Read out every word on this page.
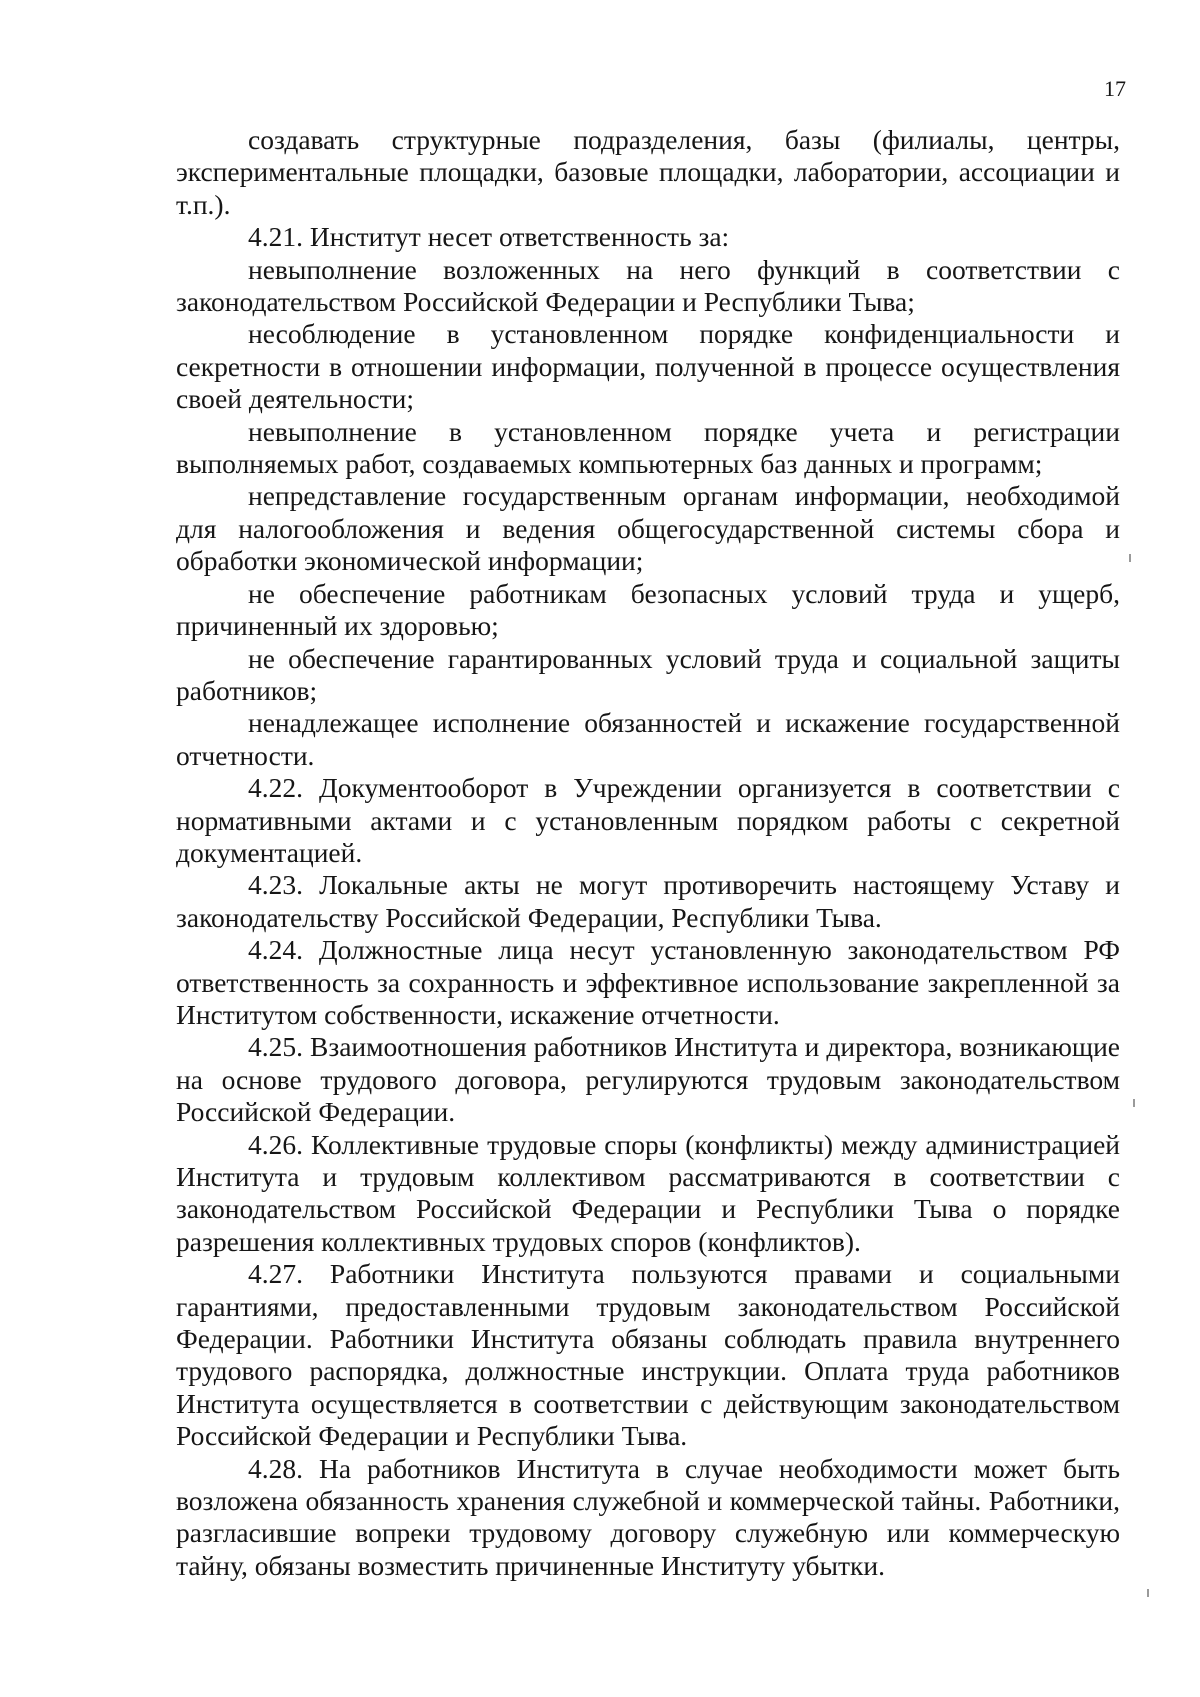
17

создавать структурные подразделения, базы (филиалы, центры, экспериментальные площадки, базовые площадки, лаборатории, ассоциации и т.п.).

4.21. Институт несет ответственность за:

невыполнение возложенных на него функций в соответствии с законодательством Российской Федерации и Республики Тыва;

несоблюдение в установленном порядке конфиденциальности и секретности в отношении информации, полученной в процессе осуществления своей деятельности;

невыполнение в установленном порядке учета и регистрации выполняемых работ, создаваемых компьютерных баз данных и программ;

непредставление государственным органам информации, необходимой для налогообложения и ведения общегосударственной системы сбора и обработки экономической информации;

не обеспечение работникам безопасных условий труда и ущерб, причиненный их здоровью;

не обеспечение гарантированных условий труда и социальной защиты работников;

ненадлежащее исполнение обязанностей и искажение государственной отчетности.

4.22. Документооборот в Учреждении организуется в соответствии с нормативными актами и с установленным порядком работы с секретной документацией.

4.23. Локальные акты не могут противоречить настоящему Уставу и законодательству Российской Федерации, Республики Тыва.

4.24. Должностные лица несут установленную законодательством РФ ответственность за сохранность и эффективное использование закрепленной за Институтом собственности, искажение отчетности.

4.25. Взаимоотношения работников Института и директора, возникающие на основе трудового договора, регулируются трудовым законодательством Российской Федерации.

4.26. Коллективные трудовые споры (конфликты) между администрацией Института и трудовым коллективом рассматриваются в соответствии с законодательством Российской Федерации и Республики Тыва о порядке разрешения коллективных трудовых споров (конфликтов).

4.27. Работники Института пользуются правами и социальными гарантиями, предоставленными трудовым законодательством Российской Федерации. Работники Института обязаны соблюдать правила внутреннего трудового распорядка, должностные инструкции. Оплата труда работников Института осуществляется в соответствии с действующим законодательством Российской Федерации и Республики Тыва.

4.28. На работников Института в случае необходимости может быть возложена обязанность хранения служебной и коммерческой тайны. Работники, разгласившие вопреки трудовому договору служебную или коммерческую тайну, обязаны возместить причиненные Институту убытки.
